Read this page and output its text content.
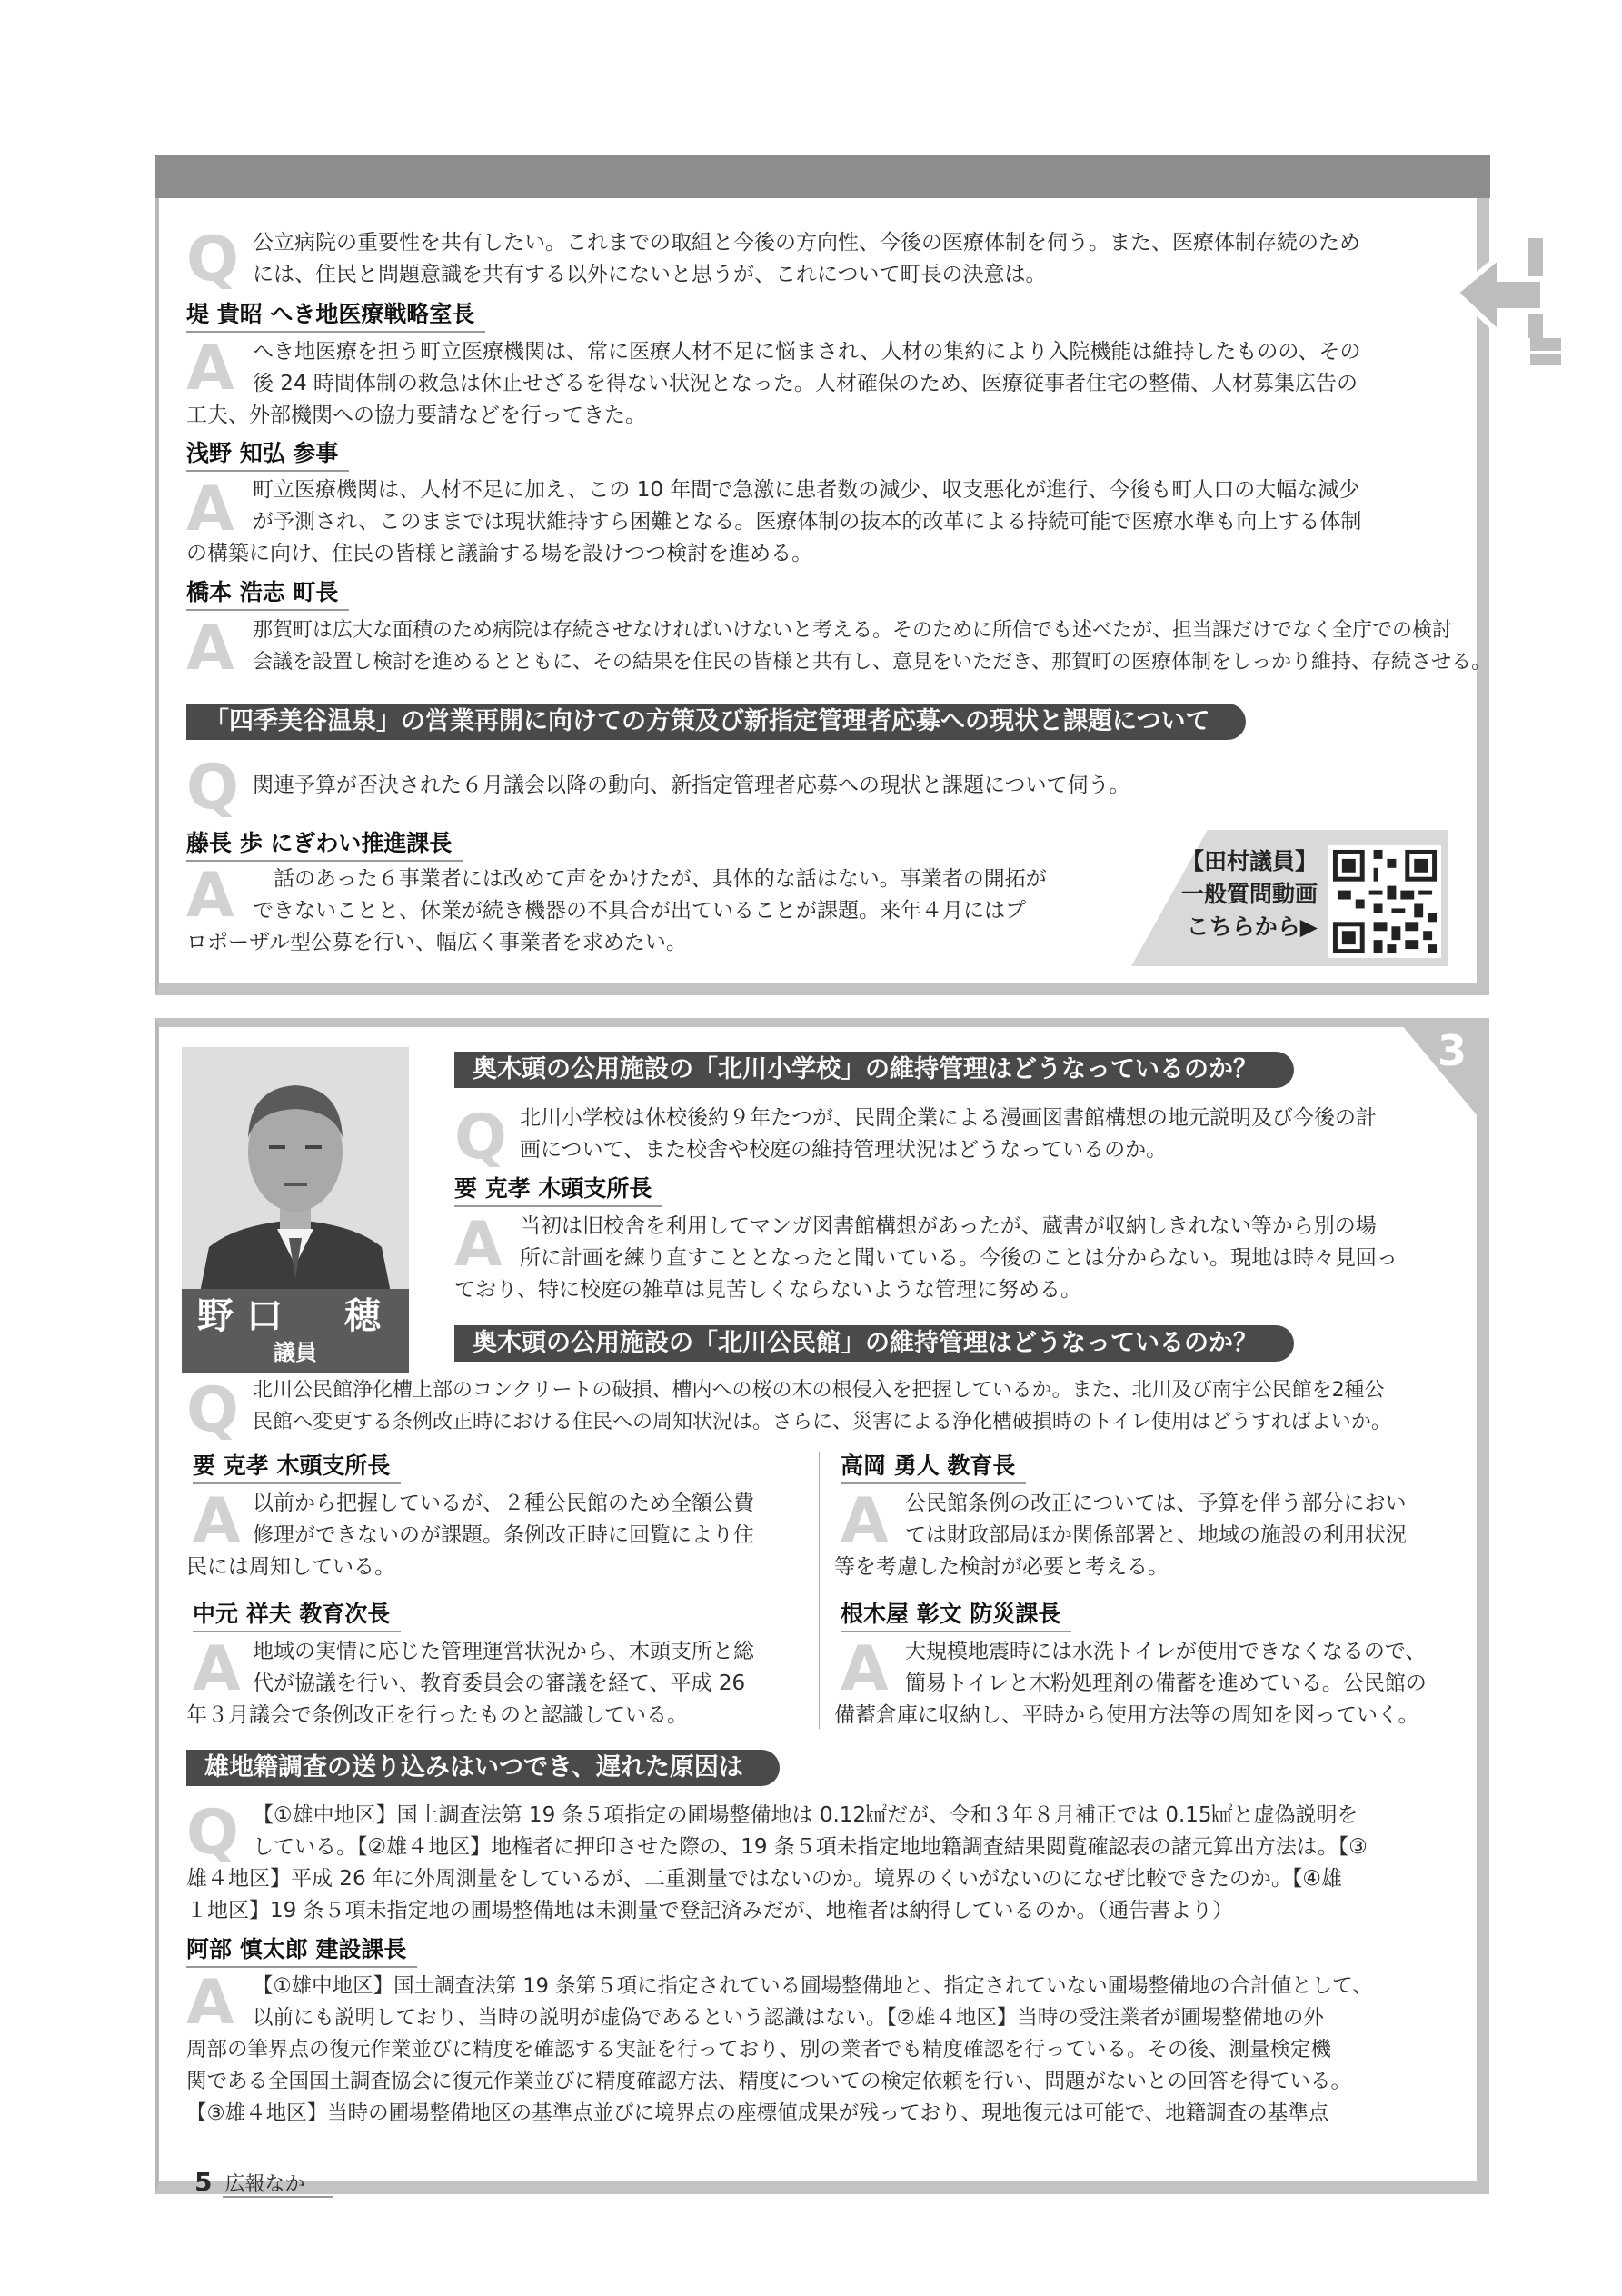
Q 公立病院の重要性を共有したい。これまでの取組と今後の方向性、今後の医療体制を伺う。また、医療体制存続のため
には、住民と問題意識を共有する以外にないと思うが、これについて町長の決意は。
堤 貴昭 へき地医療戦略室長
A へき地医療を担う町立医療機関は、常に医療人材不足に悩まされ、人材の集約により入院機能は維持したものの、その
後 24 時間体制の救急は休止せざるを得ない状況となった。人材確保のため、医療従事者住宅の整備、人材募集広告の
工夫、外部機関への協力要請などを行ってきた。
浅野 知弘 参事
A 町立医療機関は、人材不足に加え、この 10 年間で急激に患者数の減少、収支悪化が進行、今後も町人口の大幅な減少
が予測され、このままでは現状維持すら困難となる。医療体制の抜本的改革による持続可能で医療水準も向上する体制
の構築に向け、住民の皆様と議論する場を設けつつ検討を進める。
橋本 浩志 町長
A 那賀町は広大な面積のため病院は存続させなければいけないと考える。そのために所信でも述べたが、担当課だけでなく全庁での検討
会議を設置し検討を進めるとともに、その結果を住民の皆様と共有し、意見をいただき、那賀町の医療体制をしっかり維持、存続させる。
「四季美谷温泉」の営業再開に向けての方策及び新指定管理者応募への現状と課題について
Q 関連予算が否決された６月議会以降の動向、新指定管理者応募への現状と課題について伺う。
藤長 歩 にぎわい推進課長
A 　話のあった６事業者には改めて声をかけたが、具体的な話はない。事業者の開拓が
できないことと、休業が続き機器の不具合が出ていることが課題。来年４月にはプ
ロポーザル型公募を行い、幅広く事業者を求めたい。
【田村議員】
一般質問動画
こちらから▶
3
野口　穂
議員
奥木頭の公用施設の「北川小学校」の維持管理はどうなっているのか？
Q 北川小学校は休校後約９年たつが、民間企業による漫画図書館構想の地元説明及び今後の計
画について、また校舎や校庭の維持管理状況はどうなっているのか。
要 克孝 木頭支所長
A 当初は旧校舎を利用してマンガ図書館構想があったが、蔵書が収納しきれない等から別の場
所に計画を練り直すこととなったと聞いている。今後のことは分からない。現地は時々見回っ
ており、特に校庭の雑草は見苦しくならないような管理に努める。
奥木頭の公用施設の「北川公民館」の維持管理はどうなっているのか？
Q 北川公民館浄化槽上部のコンクリートの破損、槽内への桜の木の根侵入を把握しているか。また、北川及び南宇公民館を2種公
民館へ変更する条例改正時における住民への周知状況は。さらに、災害による浄化槽破損時のトイレ使用はどうすればよいか。
要 克孝 木頭支所長
A 以前から把握しているが、２種公民館のため全額公費
修理ができないのが課題。条例改正時に回覧により住
民には周知している。
中元 祥夫 教育次長
A 地域の実情に応じた管理運営状況から、木頭支所と総
代が協議を行い、教育委員会の審議を経て、平成 26
年３月議会で条例改正を行ったものと認識している。
高岡 勇人 教育長
A 公民館条例の改正については、予算を伴う部分におい
ては財政部局ほか関係部署と、地域の施設の利用状況
等を考慮した検討が必要と考える。
根木屋 彰文 防災課長
A 大規模地震時には水洗トイレが使用できなくなるので、
簡易トイレと木粉処理剤の備蓄を進めている。公民館の
備蓄倉庫に収納し、平時から使用方法等の周知を図っていく。
雄地籍調査の送り込みはいつでき、遅れた原因は
Q 【①雄中地区】国土調査法第 19 条５項指定の圃場整備地は 0.12㎢だが、令和３年８月補正では 0.15㎢と虚偽説明を
している。【②雄４地区】地権者に押印させた際の、19 条５項未指定地地籍調査結果閲覧確認表の諸元算出方法は。【③
雄４地区】平成 26 年に外周測量をしているが、二重測量ではないのか。境界のくいがないのになぜ比較できたのか。【④雄
１地区】19 条５項未指定地の圃場整備地は未測量で登記済みだが、地権者は納得しているのか。（通告書より）
阿部 慎太郎 建設課長
A 【①雄中地区】国土調査法第 19 条第５項に指定されている圃場整備地と、指定されていない圃場整備地の合計値として、
以前にも説明しており、当時の説明が虚偽であるという認識はない。【②雄４地区】当時の受注業者が圃場整備地の外
周部の筆界点の復元作業並びに精度を確認する実証を行っており、別の業者でも精度確認を行っている。その後、測量検定機
関である全国国土調査協会に復元作業並びに精度確認方法、精度についての検定依頼を行い、問題がないとの回答を得ている。
【③雄４地区】当時の圃場整備地区の基準点並びに境界点の座標値成果が残っており、現地復元は可能で、地籍調査の基準点
5 広報なか
